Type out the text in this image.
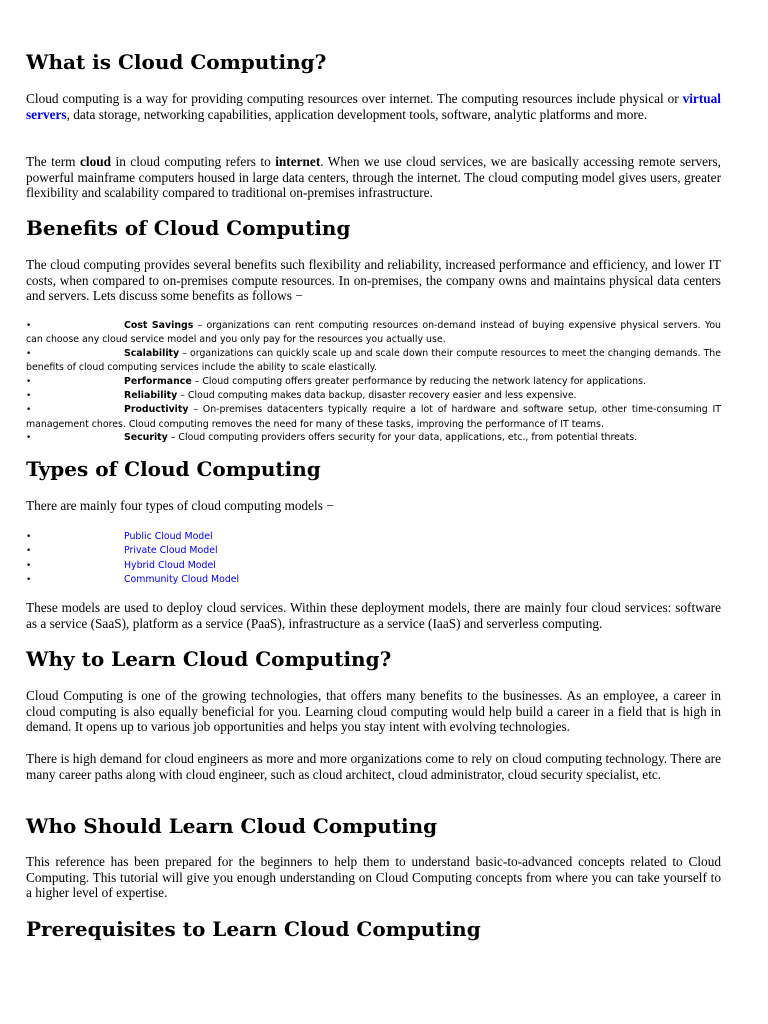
What is Cloud Computing?

Cloud computing is a way for providing computing resources over internet. The computing resources include physical or virtual servers, data storage, networking capabilities, application development tools, software, analytic platforms and more.

The term cloud in cloud computing refers to internet. When we use cloud services, we are basically accessing remote servers, powerful mainframe computers housed in large data centers, through the internet. The cloud computing model gives users, greater flexibility and scalability compared to traditional on-premises infrastructure.

Benefits of Cloud Computing

The cloud computing provides several benefits such flexibility and reliability, increased performance and efficiency, and lower IT costs, when compared to on-premises compute resources. In on-premises, the company owns and maintains physical data centers and servers. Lets discuss some benefits as follows −

•	Cost Savings – organizations can rent computing resources on-demand instead of buying expensive physical servers. You can choose any cloud service model and you only pay for the resources you actually use.
•	Scalability – organizations can quickly scale up and scale down their compute resources to meet the changing demands. The benefits of cloud computing services include the ability to scale elastically.
•	Performance – Cloud computing offers greater performance by reducing the network latency for applications.
•	Reliability – Cloud computing makes data backup, disaster recovery easier and less expensive.
•	Productivity – On-premises datacenters typically require a lot of hardware and software setup, other time-consuming IT management chores. Cloud computing removes the need for many of these tasks, improving the performance of IT teams.
•	Security – Cloud computing providers offers security for your data, applications, etc., from potential threats.
Types of Cloud Computing

There are mainly four types of cloud computing models −

•	Public Cloud Model
•	Private Cloud Model
•	Hybrid Cloud Model
•	Community Cloud Model

These models are used to deploy cloud services. Within these deployment models, there are mainly four cloud services: software as a service (SaaS), platform as a service (PaaS), infrastructure as a service (IaaS) and serverless computing.

Why to Learn Cloud Computing?

Cloud Computing is one of the growing technologies, that offers many benefits to the businesses. As an employee, a career in cloud computing is also equally beneficial for you. Learning cloud computing would help build a career in a field that is high in demand. It opens up to various job opportunities and helps you stay intent with evolving technologies.

There is high demand for cloud engineers as more and more organizations come to rely on cloud computing technology. There are many career paths along with cloud engineer, such as cloud architect, cloud administrator, cloud security specialist, etc.

Who Should Learn Cloud Computing

This reference has been prepared for the beginners to help them to understand basic-to-advanced concepts related to Cloud Computing. This tutorial will give you enough understanding on Cloud Computing concepts from where you can take yourself to a higher level of expertise.

Prerequisites to Learn Cloud Computing
